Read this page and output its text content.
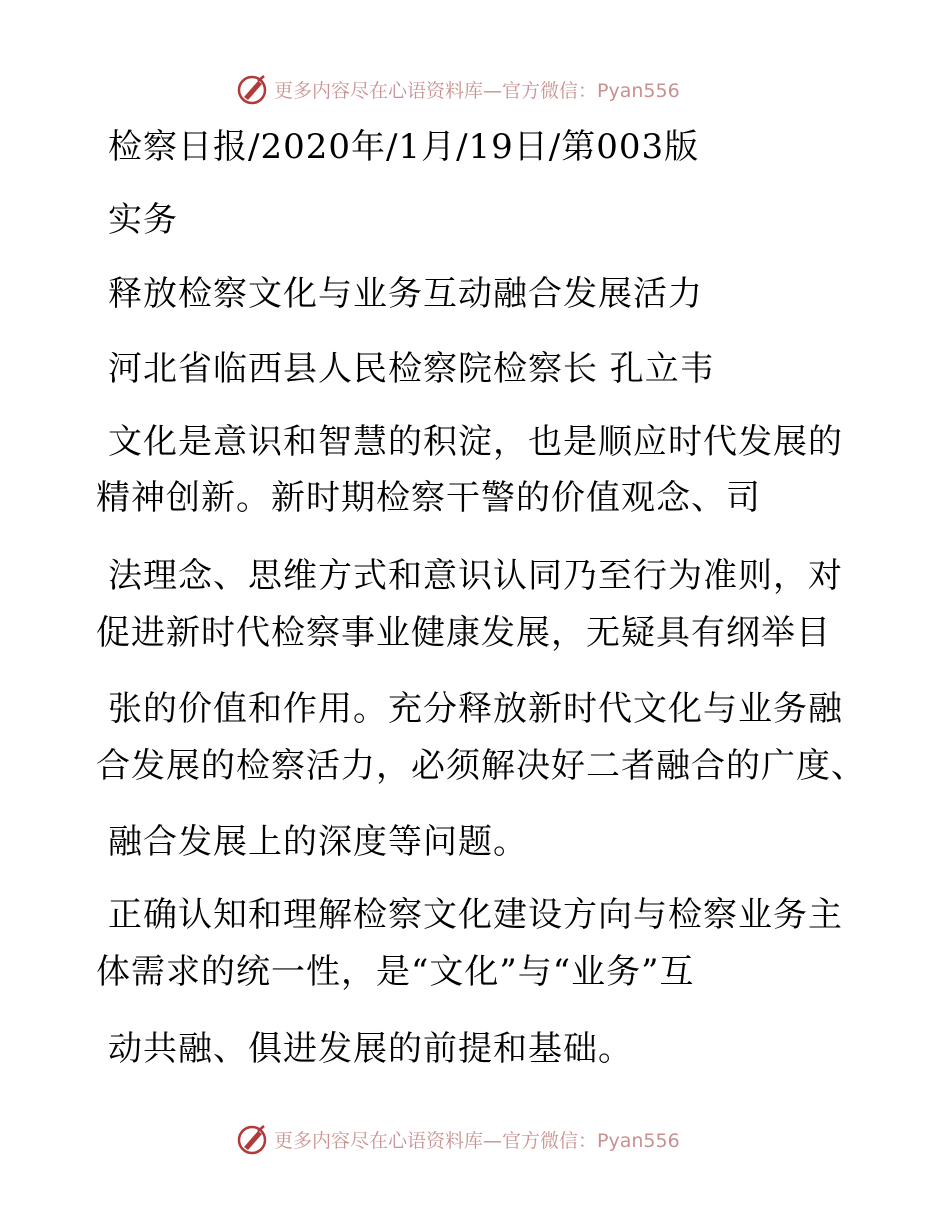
更多内容尽在心语资料库—官方微信：Pyan556
检察日报/2020年/1月/19日/第003版
实务
释放检察文化与业务互动融合发展活力
河北省临西县人民检察院检察长 孔立韦
文化是意识和智慧的积淀，也是顺应时代发展的
精神创新。新时期检察干警的价值观念、司
法理念、思维方式和意识认同乃至行为准则，对
促进新时代检察事业健康发展，无疑具有纲举目
张的价值和作用。充分释放新时代文化与业务融
合发展的检察活力，必须解决好二者融合的广度、
融合发展上的深度等问题。
正确认知和理解检察文化建设方向与检察业务主
体需求的统一性，是“文化”与“业务”互
动共融、俱进发展的前提和基础。
更多内容尽在心语资料库—官方微信：Pyan556
